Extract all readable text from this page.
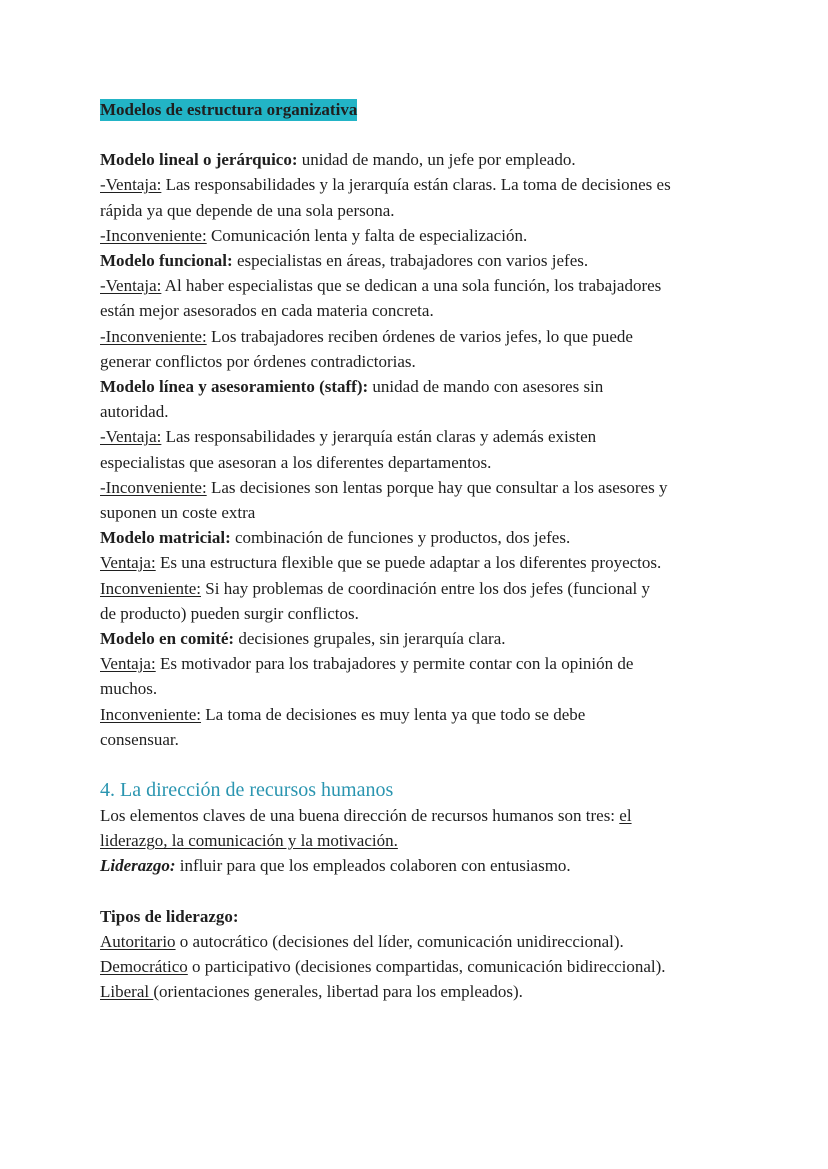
Modelos de estructura organizativa
Modelo lineal o jerárquico: unidad de mando, un jefe por empleado.
-Ventaja: Las responsabilidades y la jerarquía están claras. La toma de decisiones es
rápida ya que depende de una sola persona.
-Inconveniente: Comunicación lenta y falta de especialización.
Modelo funcional: especialistas en áreas, trabajadores con varios jefes.
-Ventaja: Al haber especialistas que se dedican a una sola función, los trabajadores
están mejor asesorados en cada materia concreta.
-Inconveniente: Los trabajadores reciben órdenes de varios jefes, lo que puede
generar conflictos por órdenes contradictorias.
Modelo línea y asesoramiento (staff): unidad de mando con asesores sin
autoridad.
-Ventaja: Las responsabilidades y jerarquía están claras y además existen
especialistas que asesoran a los diferentes departamentos.
-Inconveniente: Las decisiones son lentas porque hay que consultar a los asesores y
suponen un coste extra
Modelo matricial: combinación de funciones y productos, dos jefes.
Ventaja: Es una estructura flexible que se puede adaptar a los diferentes proyectos.
Inconveniente: Si hay problemas de coordinación entre los dos jefes (funcional y
de producto) pueden surgir conflictos.
Modelo en comité: decisiones grupales, sin jerarquía clara.
Ventaja: Es motivador para los trabajadores y permite contar con la opinión de
muchos.
Inconveniente: La toma de decisiones es muy lenta ya que todo se debe
consensuar.
4. La dirección de recursos humanos
Los elementos claves de una buena dirección de recursos humanos son tres: el
liderazgo, la comunicación y la motivación.
Liderazgo: influir para que los empleados colaboren con entusiasmo.
Tipos de liderazgo:
Autoritario o autocrático (decisiones del líder, comunicación unidireccional).
Democrático o participativo (decisiones compartidas, comunicación bidireccional).
Liberal (orientaciones generales, libertad para los empleados).
